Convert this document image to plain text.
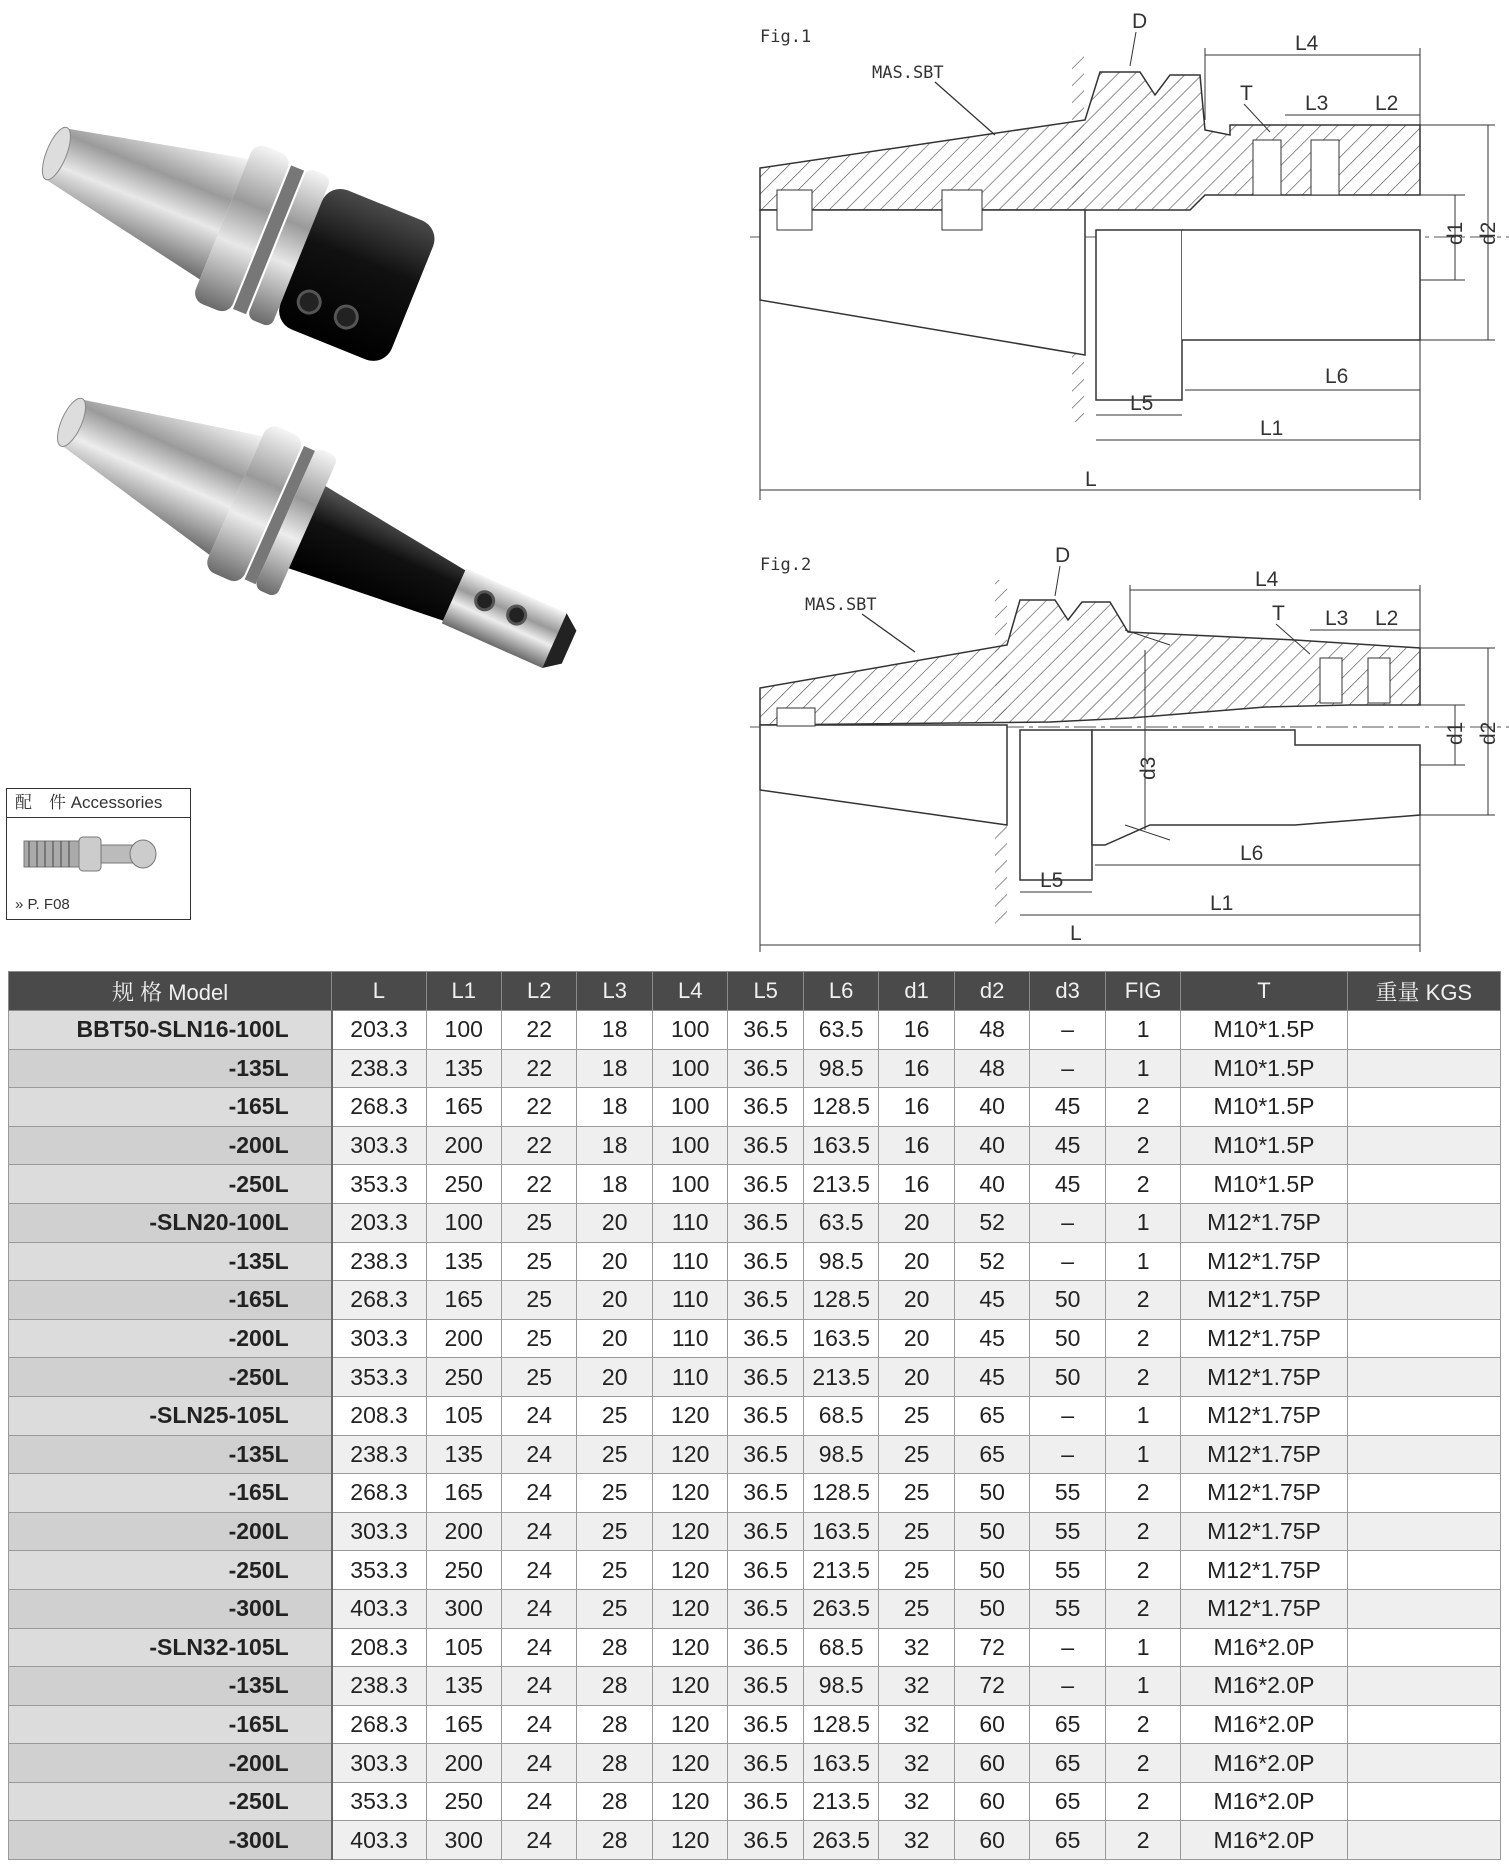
配　件 Accessories
» P. F08
Fig.1
MAS.SBT
d1 d2
L4
D
L3 L2
T
L6
L5
L1
L
Fig.2
MAS.SBT
d1 d2
d3
L4
D
L3 L2
T
L6
L5
L1
L
规 格 Model	L	L1	L2	L3	L4	L5	L6	d1	d2	d3	FIG	T	重量 KGS
BBT50-SLN16-100L	203.3	100	22	18	100	36.5	63.5	16	48	–	1	M10*1.5P	
-135L	238.3	135	22	18	100	36.5	98.5	16	48	–	1	M10*1.5P	
-165L	268.3	165	22	18	100	36.5	128.5	16	40	45	2	M10*1.5P	
-200L	303.3	200	22	18	100	36.5	163.5	16	40	45	2	M10*1.5P	
-250L	353.3	250	22	18	100	36.5	213.5	16	40	45	2	M10*1.5P	
-SLN20-100L	203.3	100	25	20	110	36.5	63.5	20	52	–	1	M12*1.75P	
-135L	238.3	135	25	20	110	36.5	98.5	20	52	–	1	M12*1.75P	
-165L	268.3	165	25	20	110	36.5	128.5	20	45	50	2	M12*1.75P	
-200L	303.3	200	25	20	110	36.5	163.5	20	45	50	2	M12*1.75P	
-250L	353.3	250	25	20	110	36.5	213.5	20	45	50	2	M12*1.75P	
-SLN25-105L	208.3	105	24	25	120	36.5	68.5	25	65	–	1	M12*1.75P	
-135L	238.3	135	24	25	120	36.5	98.5	25	65	–	1	M12*1.75P	
-165L	268.3	165	24	25	120	36.5	128.5	25	50	55	2	M12*1.75P	
-200L	303.3	200	24	25	120	36.5	163.5	25	50	55	2	M12*1.75P	
-250L	353.3	250	24	25	120	36.5	213.5	25	50	55	2	M12*1.75P	
-300L	403.3	300	24	25	120	36.5	263.5	25	50	55	2	M12*1.75P	
-SLN32-105L	208.3	105	24	28	120	36.5	68.5	32	72	–	1	M16*2.0P	
-135L	238.3	135	24	28	120	36.5	98.5	32	72	–	1	M16*2.0P	
-165L	268.3	165	24	28	120	36.5	128.5	32	60	65	2	M16*2.0P	
-200L	303.3	200	24	28	120	36.5	163.5	32	60	65	2	M16*2.0P	
-250L	353.3	250	24	28	120	36.5	213.5	32	60	65	2	M16*2.0P	
-300L	403.3	300	24	28	120	36.5	263.5	32	60	65	2	M16*2.0P	
